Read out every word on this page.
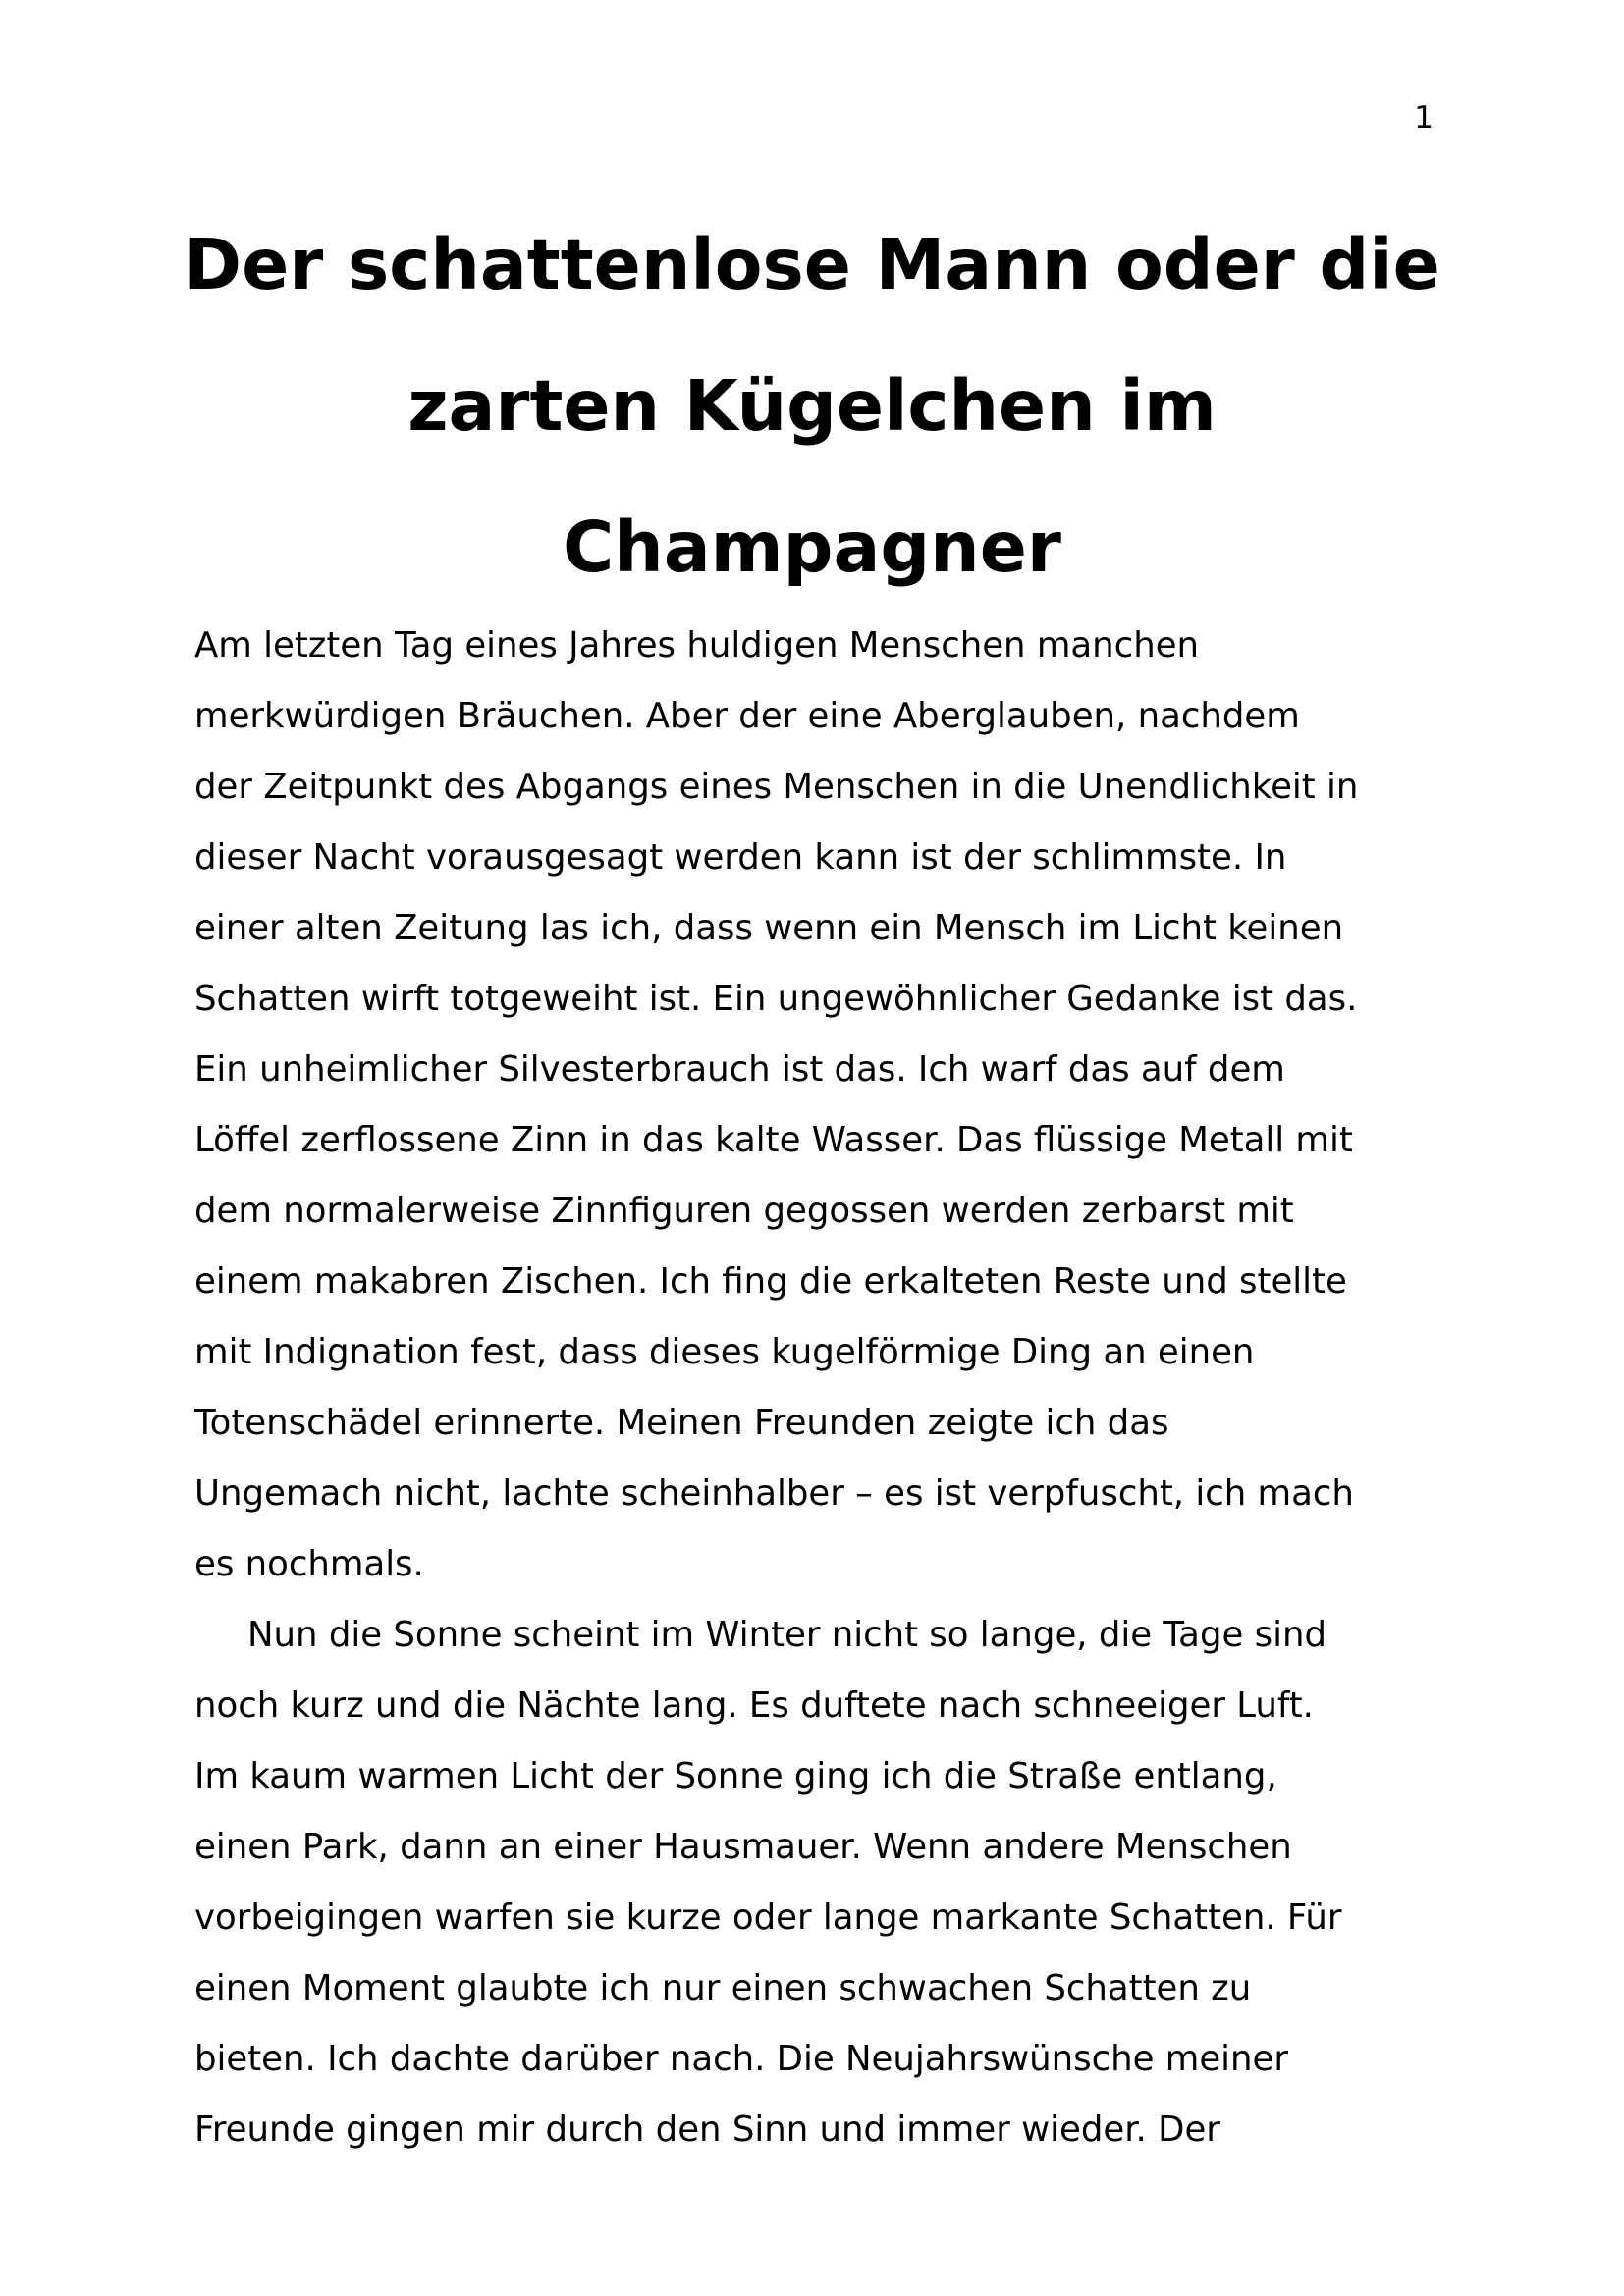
1
Der schattenlose Mann oder die
zarten Kügelchen im
Champagner
Am letzten Tag eines Jahres huldigen Menschen manchen
merkwürdigen Bräuchen. Aber der eine Aberglauben, nachdem
der Zeitpunkt des Abgangs eines Menschen in die Unendlichkeit in
dieser Nacht vorausgesagt werden kann ist der schlimmste. In
einer alten Zeitung las ich, dass wenn ein Mensch im Licht keinen
Schatten wirft totgeweiht ist. Ein ungewöhnlicher Gedanke ist das.
Ein unheimlicher Silvesterbrauch ist das. Ich warf das auf dem
Löffel zerflossene Zinn in das kalte Wasser. Das flüssige Metall mit
dem normalerweise Zinnfiguren gegossen werden zerbarst mit
einem makabren Zischen. Ich fing die erkalteten Reste und stellte
mit Indignation fest, dass dieses kugelförmige Ding an einen
Totenschädel erinnerte. Meinen Freunden zeigte ich das
Ungemach nicht, lachte scheinhalber – es ist verpfuscht, ich mach
es nochmals.
Nun die Sonne scheint im Winter nicht so lange, die Tage sind
noch kurz und die Nächte lang. Es duftete nach schneeiger Luft.
Im kaum warmen Licht der Sonne ging ich die Straße entlang,
einen Park, dann an einer Hausmauer. Wenn andere Menschen
vorbeigingen warfen sie kurze oder lange markante Schatten. Für
einen Moment glaubte ich nur einen schwachen Schatten zu
bieten. Ich dachte darüber nach. Die Neujahrswünsche meiner
Freunde gingen mir durch den Sinn und immer wieder. Der
